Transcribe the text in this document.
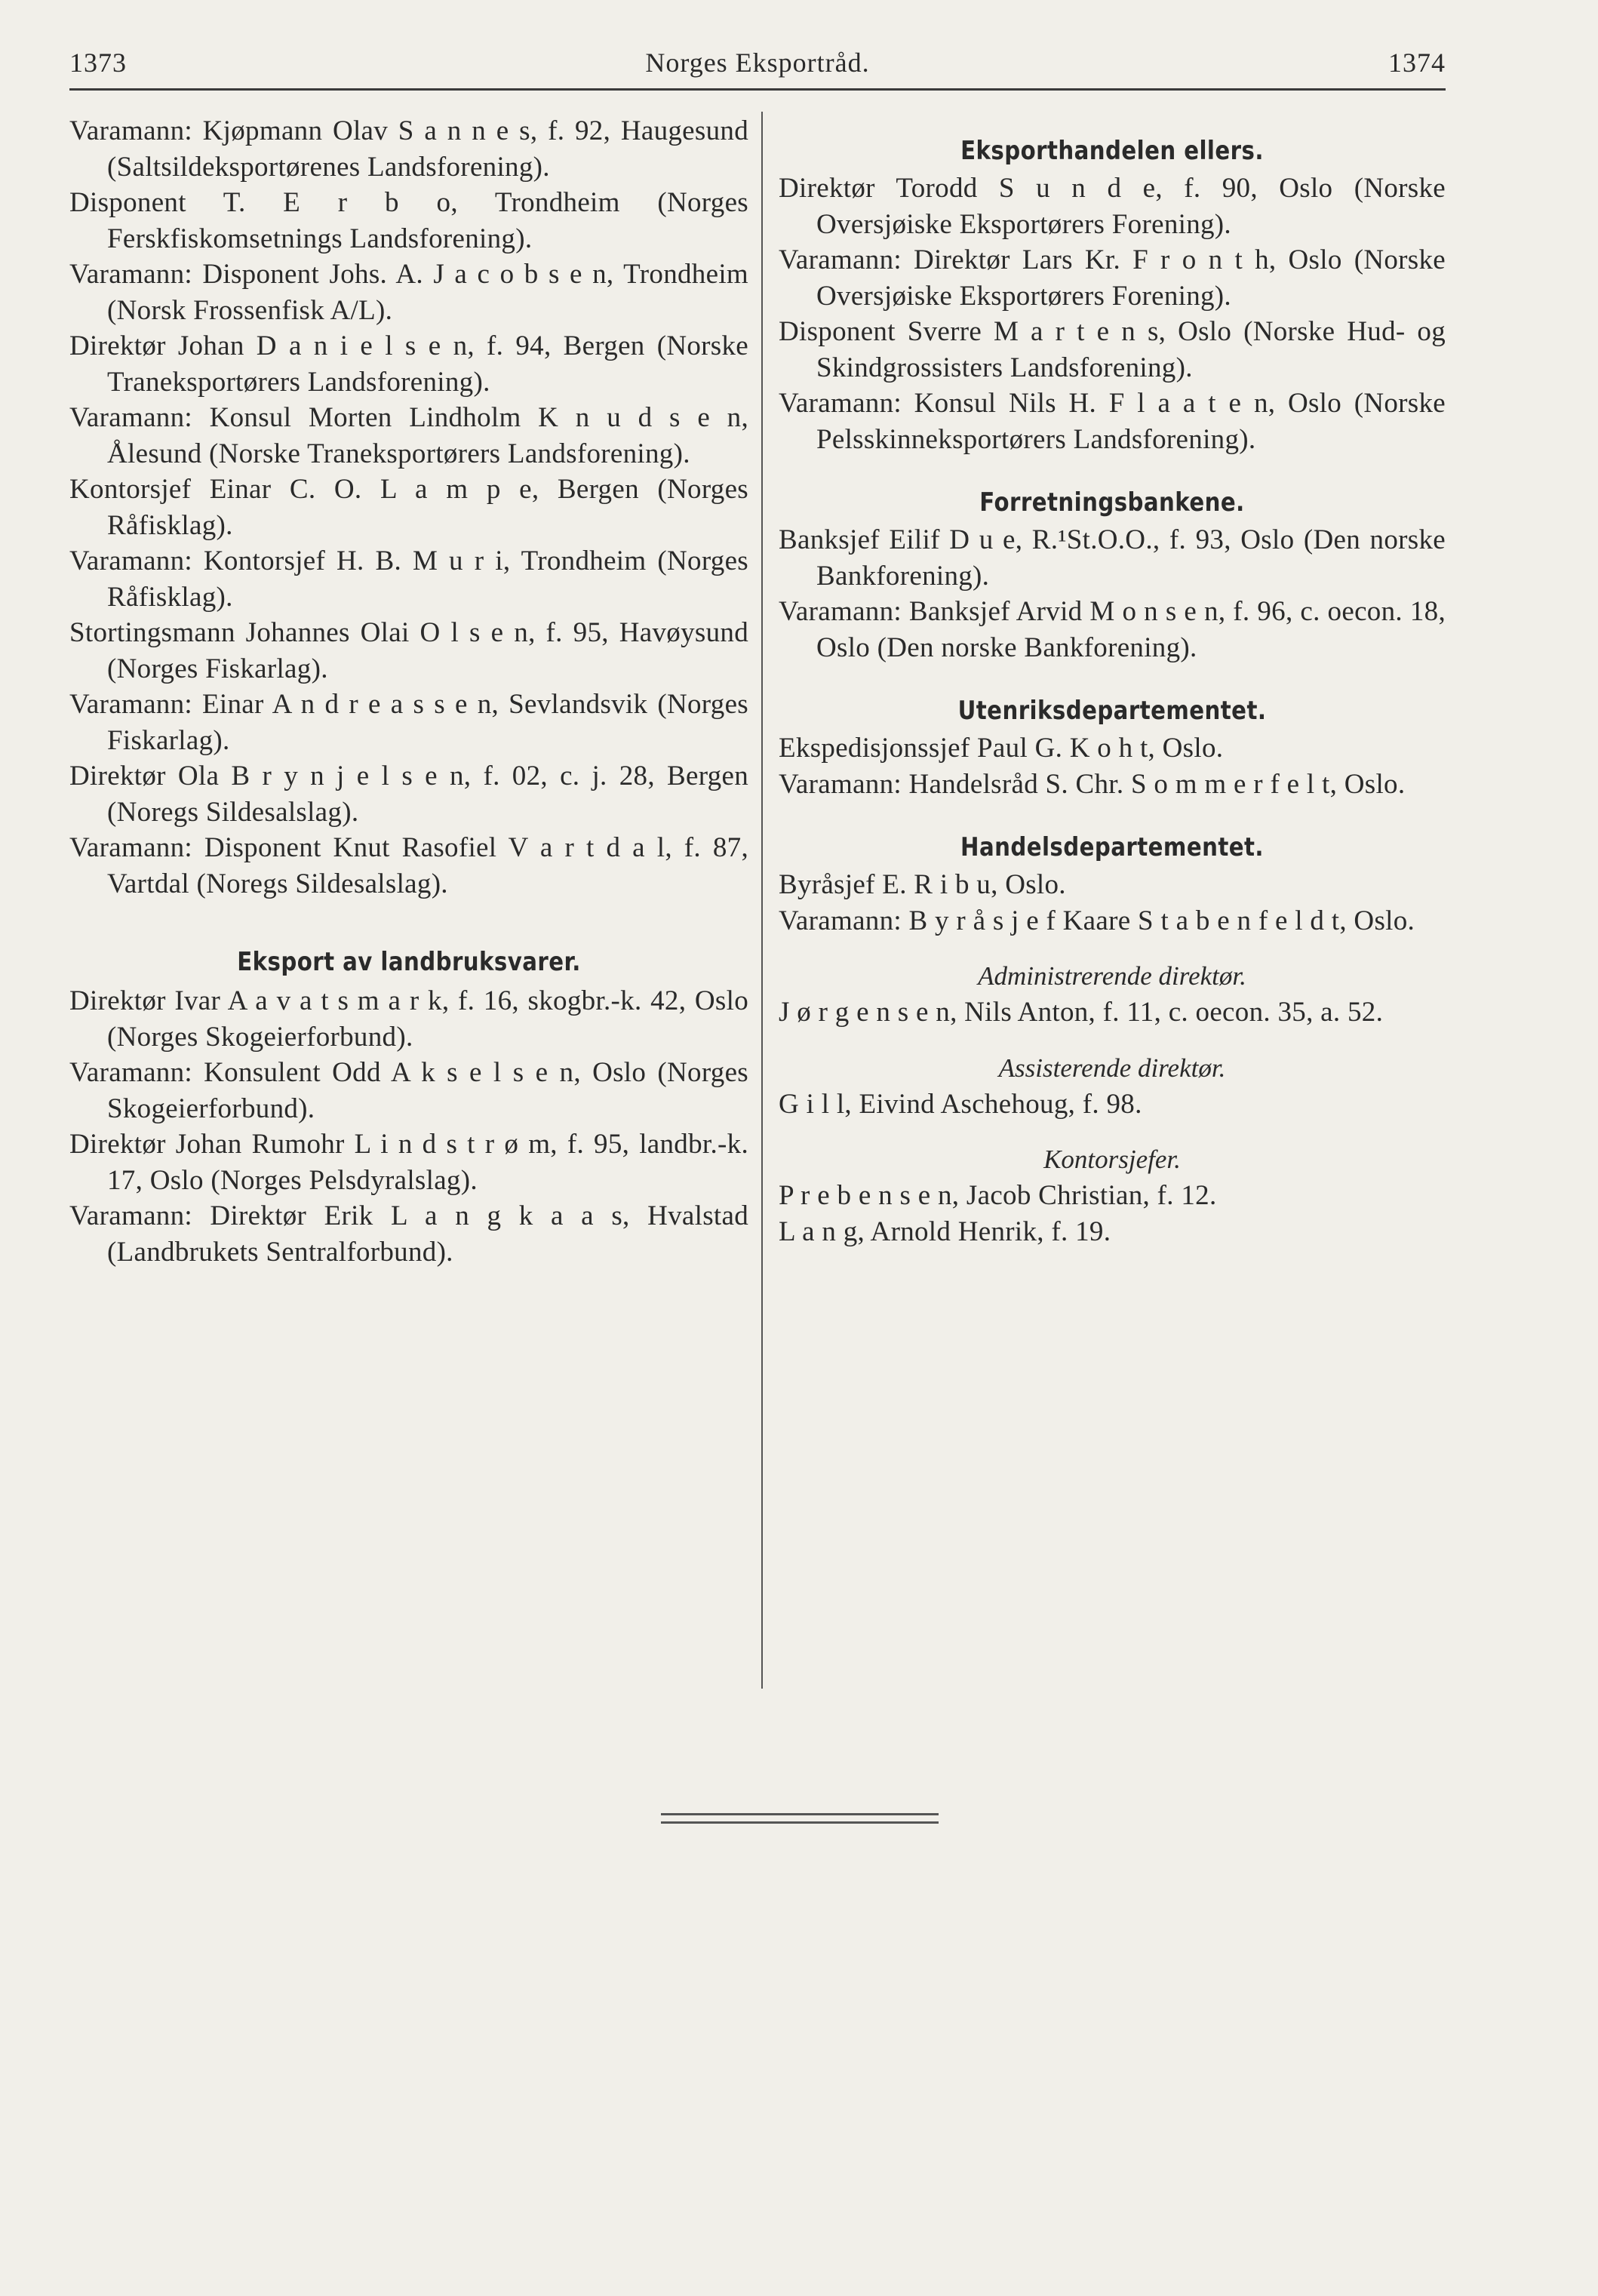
1373	Norges Eksportråd.	1374

Varamann: Kjøpmann Olav S a n n e s, f. 92, Haugesund (Saltsildeksportørenes Landsforening).

Disponent T. E r b o, Trondheim (Norges Ferskfiskomsetnings Landsforening).

Varamann: Disponent Johs. A. J a c o b s e n, Trondheim (Norsk Frossenfisk A/L).

Direktør Johan D a n i e l s e n, f. 94, Bergen (Norske Traneksportørers Landsforening).

Varamann: Konsul Morten Lindholm K n u d s e n, Ålesund (Norske Traneksportørers Landsforening).

Kontorsjef Einar C. O. L a m p e, Bergen (Norges Råfisklag).

Varamann: Kontorsjef H. B. M u r i, Trondheim (Norges Råfisklag).

Stortingsmann Johannes Olai O l s e n, f. 95, Havøysund (Norges Fiskarlag).

Varamann: Einar A n d r e a s s e n, Sevlandsvik (Norges Fiskarlag).

Direktør Ola B r y n j e l s e n, f. 02, c. j. 28, Bergen (Noregs Sildesalslag).

Varamann: Disponent Knut Rasofiel V a r t d a l, f. 87, Vartdal (Noregs Sildesalslag).

Eksport av landbruksvarer.

Direktør Ivar A a v a t s m a r k, f. 16, skogbr.-k. 42, Oslo (Norges Skogeierforbund).

Varamann: Konsulent Odd A k s e l s e n, Oslo (Norges Skogeierforbund).

Direktør Johan Rumohr L i n d s t r ø m, f. 95, landbr.-k. 17, Oslo (Norges Pelsdyralslag).

Varamann: Direktør Erik L a n g k a a s, Hvalstad (Landbrukets Sentralforbund).

Eksporthandelen ellers.

Direktør Torodd S u n d e, f. 90, Oslo (Norske Oversjøiske Eksportørers Forening).

Varamann: Direktør Lars Kr. F r o n t h, Oslo (Norske Oversjøiske Eksportørers Forening).

Disponent Sverre M a r t e n s, Oslo (Norske Hud- og Skindgrossisters Landsforening).

Varamann: Konsul Nils H. F l a a t e n, Oslo (Norske Pelsskinneksportørers Landsforening).

Forretningsbankene.

Banksjef Eilif D u e, R.¹St.O.O., f. 93, Oslo (Den norske Bankforening).

Varamann: Banksjef Arvid M o n s e n, f. 96, c. oecon. 18, Oslo (Den norske Bankforening).

Utenriksdepartementet.

Ekspedisjonssjef Paul G. K o h t, Oslo.

Varamann: Handelsråd S. Chr. S o m m e r f e l t, Oslo.

Handelsdepartementet.

Byråsjef E. R i b u, Oslo.

Varamann: B y r å s j e f Kaare S t a b e n f e l d t, Oslo.

Administrerende direktør.

J ø r g e n s e n, Nils Anton, f. 11, c. oecon. 35, a. 52.

Assisterende direktør.

G i l l, Eivind Aschehoug, f. 98.

Kontorsjefer.

P r e b e n s e n, Jacob Christian, f. 12.

L a n g, Arnold Henrik, f. 19.
